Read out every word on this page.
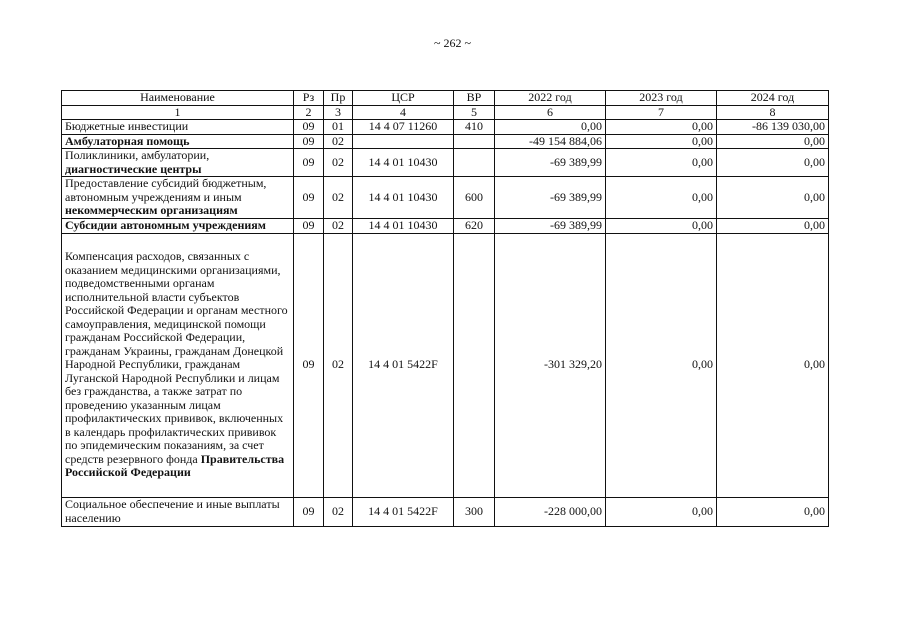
~ 262 ~
Наименование	Рз	Пр	ЦСР	ВР	2022 год	2023 год	2024 год
1	2	3	4	5	6	7	8
Бюджетные инвестиции	09	01	14 4 07 11260	410	0,00	0,00	-86 139 030,00
Амбулаторная помощь	09	02			-49 154 884,06	0,00	0,00
Поликлиники, амбулатории, диагностические центры	09	02	14 4 01 10430		-69 389,99	0,00	0,00
Предоставление субсидий бюджетным, автономным учреждениям и иным некоммерческим организациям	09	02	14 4 01 10430	600	-69 389,99	0,00	0,00
Субсидии автономным учреждениям	09	02	14 4 01 10430	620	-69 389,99	0,00	0,00
Компенсация расходов, связанных с оказанием медицинскими организациями, подведомственными органам исполнительной власти субъектов Российской Федерации и органам местного самоуправления, медицинской помощи гражданам Российской Федерации, гражданам Украины, гражданам Донецкой Народной Республики, гражданам Луганской Народной Республики и лицам без гражданства, а также затрат по проведению указанным лицам профилактических прививок, включенных в календарь профилактических прививок по эпидемическим показаниям, за счет средств резервного фонда Правительства Российской Федерации	09	02	14 4 01 5422F		-301 329,20	0,00	0,00
Социальное обеспечение и иные выплаты населению	09	02	14 4 01 5422F	300	-228 000,00	0,00	0,00
